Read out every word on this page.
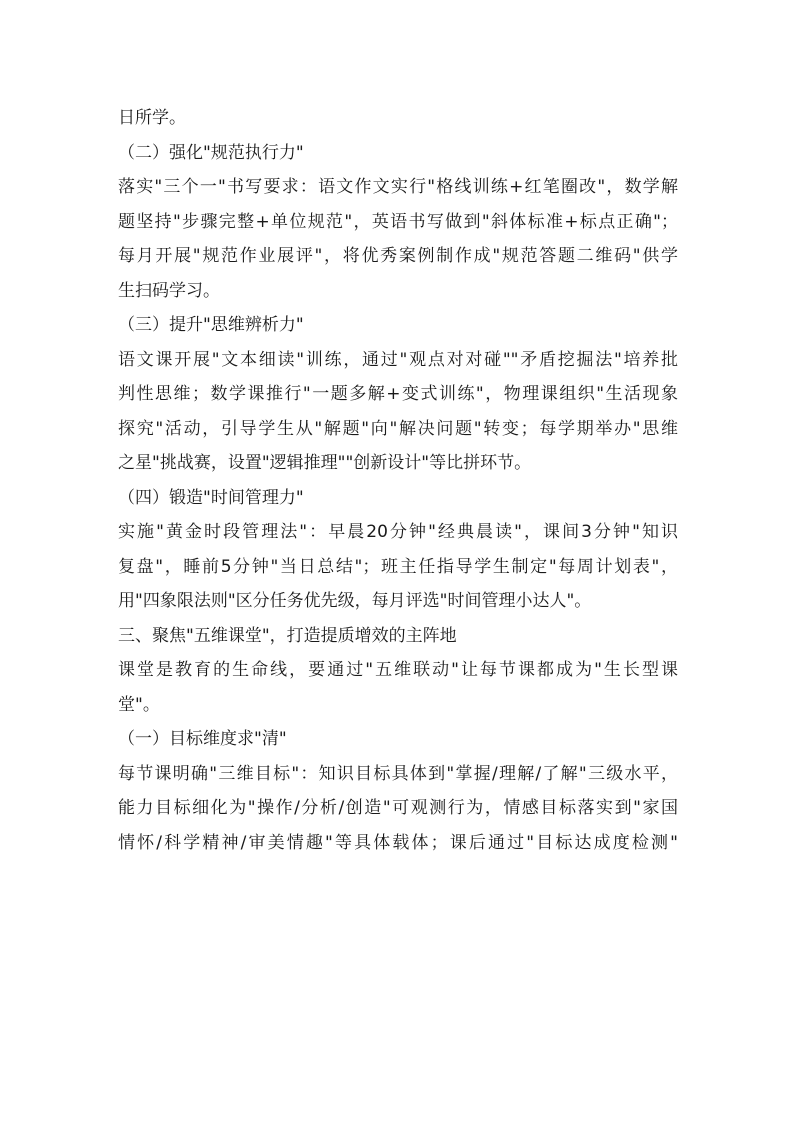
日所学。
（二）强化"规范执行力"
落实"三个一"书写要求：语文作文实行"格线训练+红笔圈改"，数学解
题坚持"步骤完整+单位规范"，英语书写做到"斜体标准+标点正确"；
每月开展"规范作业展评"，将优秀案例制作成"规范答题二维码"供学
生扫码学习。
（三）提升"思维辨析力"
语文课开展"文本细读"训练，通过"观点对对碰""矛盾挖掘法"培养批
判性思维；数学课推行"一题多解+变式训练"，物理课组织"生活现象
探究"活动，引导学生从"解题"向"解决问题"转变；每学期举办"思维
之星"挑战赛，设置"逻辑推理""创新设计"等比拼环节。
（四）锻造"时间管理力"
实施"黄金时段管理法"：早晨20分钟"经典晨读"，课间3分钟"知识
复盘"，睡前5分钟"当日总结"；班主任指导学生制定"每周计划表"，
用"四象限法则"区分任务优先级，每月评选"时间管理小达人"。
三、聚焦"五维课堂"，打造提质增效的主阵地
课堂是教育的生命线，要通过"五维联动"让每节课都成为"生长型课
堂"。
（一）目标维度求"清"
每节课明确"三维目标"：知识目标具体到"掌握/理解/了解"三级水平，
能力目标细化为"操作/分析/创造"可观测行为，情感目标落实到"家国
情怀/科学精神/审美情趣"等具体载体；课后通过"目标达成度检测"
